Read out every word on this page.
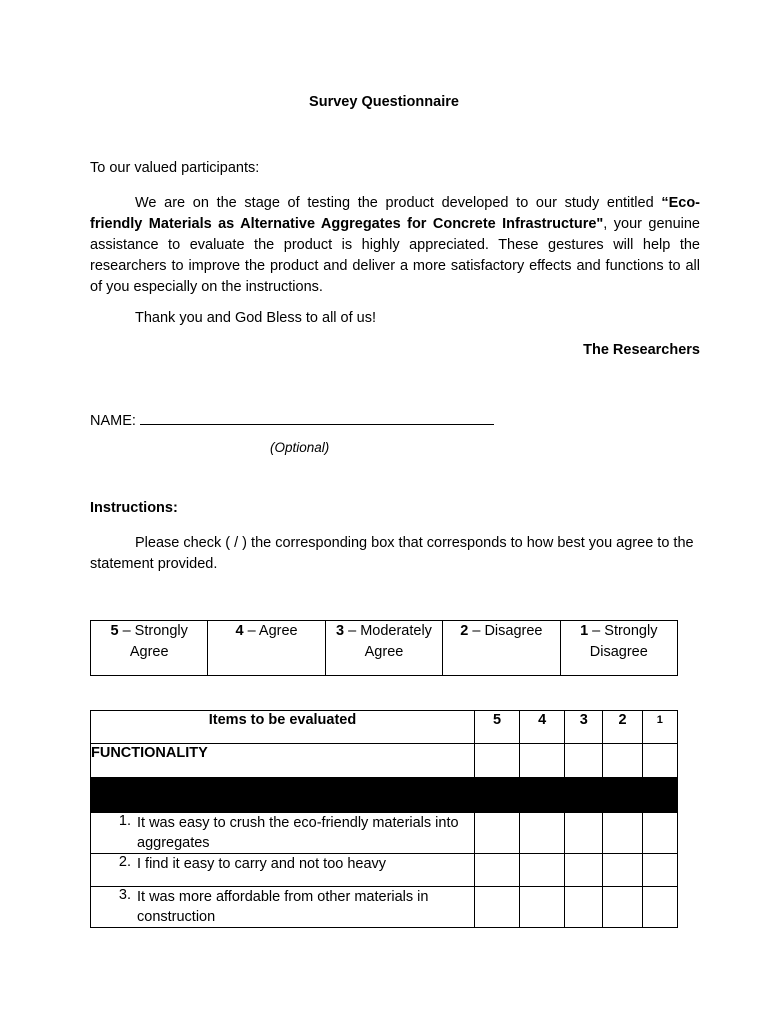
Survey Questionnaire
To our valued participants:
We are on the stage of testing the product developed to our study entitled “Eco-friendly Materials as Alternative Aggregates for Concrete Infrastructure", your genuine assistance to evaluate the product is highly appreciated. These gestures will help the researchers to improve the product and deliver a more satisfactory effects and functions to all of you especially on the instructions.
Thank you and God Bless to all of us!
The Researchers
NAME:
(Optional)
Instructions:
Please check ( / ) the corresponding box that corresponds to how best you agree to the statement provided.
5 – Strongly Agree	4 – Agree	3 – Moderately Agree	2 – Disagree	1 – Strongly Disagree
Items to be evaluated	5	4	3	2	1
FUNCTIONALITY					

1. It was easy to crush the eco-friendly materials into aggregates					
2. I find it easy to carry and not too heavy					
3. It was more affordable from other materials in construction					
